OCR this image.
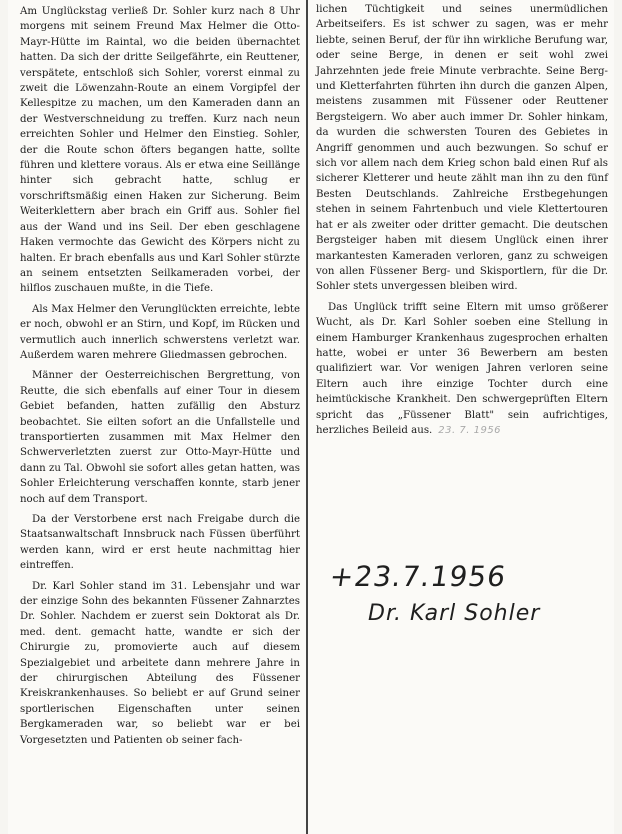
Am Unglückstag verließ Dr. Sohler kurz nach 8 Uhr morgens mit seinem Freund Max Helmer die Otto-Mayr-Hütte im Raintal, wo die beiden übernachtet hatten. Da sich der dritte Seilgefährte, ein Reuttener, verspätete, entschloß sich Sohler, vorerst einmal zu zweit die Löwenzahn-Route an einem Vorgipfel der Kellespitze zu machen, um den Kameraden dann an der Westverschneidung zu treffen. Kurz nach neun erreichten Sohler und Helmer den Einstieg. Sohler, der die Route schon öfters begangen hatte, sollte führen und klettere voraus. Als er etwa eine Seillänge hinter sich gebracht hatte, schlug er vorschriftsmäßig einen Haken zur Sicherung. Beim Weiterklettern aber brach ein Griff aus. Sohler fiel aus der Wand und ins Seil. Der eben geschlagene Haken vermochte das Gewicht des Körpers nicht zu halten. Er brach ebenfalls aus und Karl Sohler stürzte an seinem entsetzten Seilkameraden vorbei, der hilflos zuschauen mußte, in die Tiefe.

Als Max Helmer den Verunglückten erreichte, lebte er noch, obwohl er an Stirn, und Kopf, im Rücken und vermutlich auch innerlich schwerstens verletzt war. Außerdem waren mehrere Gliedmassen gebrochen.

Männer der Oesterreichischen Bergrettung, von Reutte, die sich ebenfalls auf einer Tour in diesem Gebiet befanden, hatten zufällig den Absturz beobachtet. Sie eilten sofort an die Unfallstelle und transportierten zusammen mit Max Helmer den Schwerverletzten zuerst zur Otto-Mayr-Hütte und dann zu Tal. Obwohl sie sofort alles getan hatten, was Sohler Erleichterung verschaffen konnte, starb jener noch auf dem Transport.

Da der Verstorbene erst nach Freigabe durch die Staatsanwaltschaft Innsbruck nach Füssen überführt werden kann, wird er erst heute nachmittag hier eintreffen.

Dr. Karl Sohler stand im 31. Lebensjahr und war der einzige Sohn des bekannten Füssener Zahnarztes Dr. Sohler. Nachdem er zuerst sein Doktorat als Dr. med. dent. gemacht hatte, wandte er sich der Chirurgie zu, promovierte auch auf diesem Spezialgebiet und arbeitete dann mehrere Jahre in der chirurgischen Abteilung des Füssener Kreiskrankenhauses. So beliebt er auf Grund seiner sportlerischen Eigenschaften unter seinen Bergkameraden war, so beliebt war er bei Vorgesetzten und Patienten ob seiner fach-

lichen Tüchtigkeit und seines unermüdlichen Arbeitseifers. Es ist schwer zu sagen, was er mehr liebte, seinen Beruf, der für ihn wirkliche Berufung war, oder seine Berge, in denen er seit wohl zwei Jahrzehnten jede freie Minute verbrachte. Seine Berg- und Kletterfahrten führten ihn durch die ganzen Alpen, meistens zusammen mit Füssener oder Reuttener Bergsteigern. Wo aber auch immer Dr. Sohler hinkam, da wurden die schwersten Touren des Gebietes in Angriff genommen und auch bezwungen. So schuf er sich vor allem nach dem Krieg schon bald einen Ruf als sicherer Kletterer und heute zählt man ihn zu den fünf Besten Deutschlands. Zahlreiche Erstbegehungen stehen in seinem Fahrtenbuch und viele Klettertouren hat er als zweiter oder dritter gemacht. Die deutschen Bergsteiger haben mit diesem Unglück einen ihrer markantesten Kameraden verloren, ganz zu schweigen von allen Füssener Berg- und Skisportlern, für die Dr. Sohler stets unvergessen bleiben wird.

Das Unglück trifft seine Eltern mit umso größerer Wucht, als Dr. Karl Sohler soeben eine Stellung in einem Hamburger Krankenhaus zugesprochen erhalten hatte, wobei er unter 36 Bewerbern am besten qualifiziert war. Vor wenigen Jahren verloren seine Eltern auch ihre einzige Tochter durch eine heimtückische Krankheit. Den schwergeprüften Eltern spricht das „Füssener Blatt" sein aufrichtiges, herzliches Beileid aus. 23. 7. 1956

+23.7.1956
Dr. Karl Sohler
